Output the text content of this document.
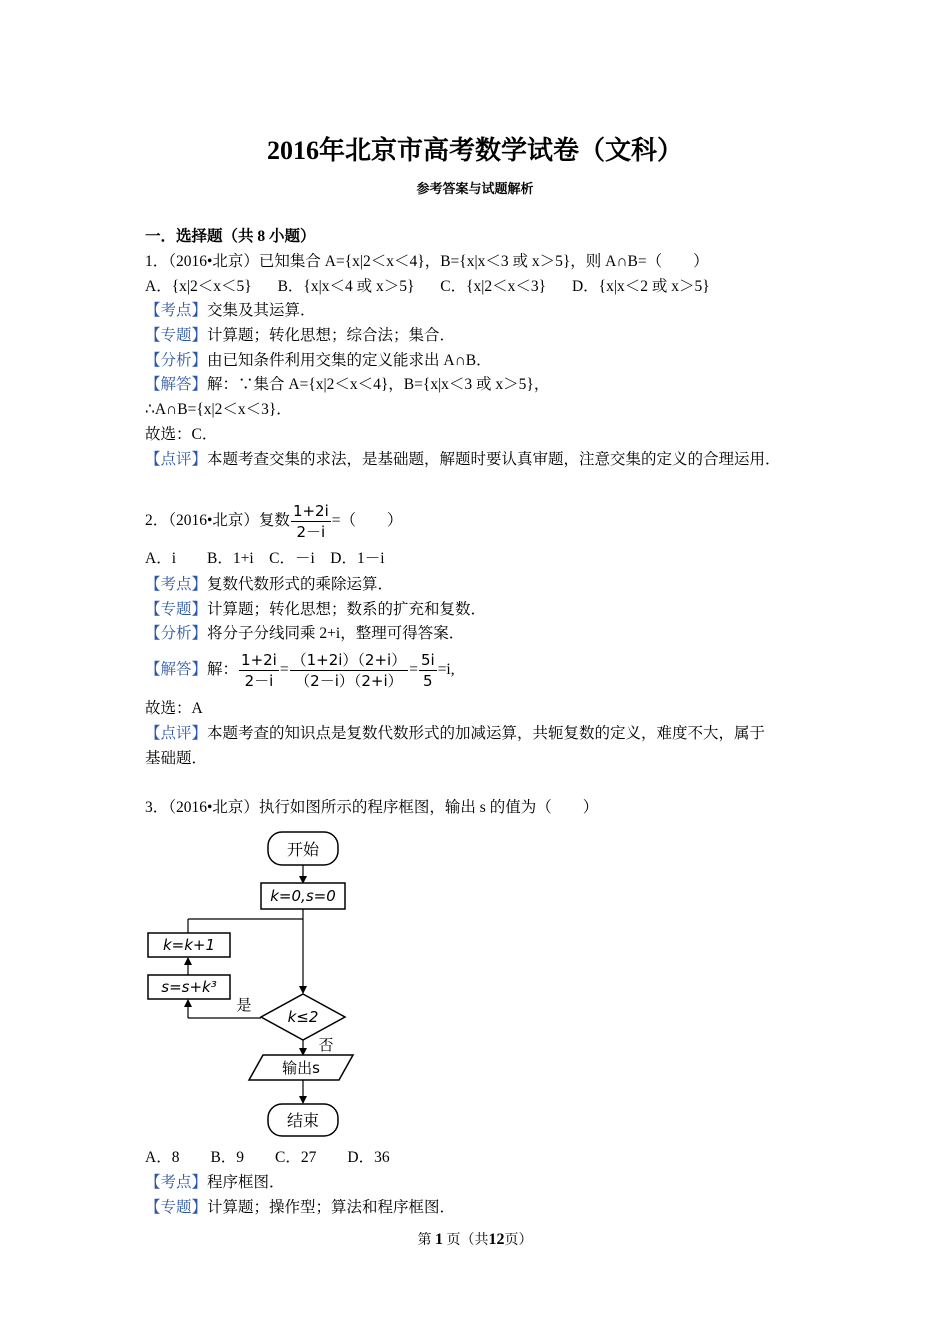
2016年北京市高考数学试卷（文科）
参考答案与试题解析
一．选择题（共 8 小题）
1．（2016•北京）已知集合 A={x|2＜x＜4}，B={x|x＜3 或 x＞5}，则 A∩B=（　　）
A．{x|2＜x＜5} B．{x|x＜4 或 x＞5} C．{x|2＜x＜3} D．{x|x＜2 或 x＞5}
【考点】交集及其运算．
【专题】计算题；转化思想；综合法；集合．
【分析】由已知条件利用交集的定义能求出 A∩B．
【解答】解：∵集合 A={x|2＜x＜4}，B={x|x＜3 或 x＞5}，
∴A∩B={x|2＜x＜3}．
故选：C．
【点评】本题考查交集的求法，是基础题，解题时要认真审题，注意交集的定义的合理运用．
2．（2016•北京）复数 $\frac{1+2i}{2-i}$ =（　　）
A．i　　B．1+i　C．－i　D．1－i
【考点】复数代数形式的乘除运算．
【专题】计算题；转化思想；数系的扩充和复数．
【分析】将分子分线同乘 2+i，整理可得答案．
【解答】解： $\frac{1+2i}{2-i} = \frac{(1+2i)(2+i)}{(2-i)(2+i)} = \frac{5i}{5} =i$,
故选：A
【点评】本题考查的知识点是复数代数形式的加减运算，共轭复数的定义，难度不大，属于
基础题．
3．（2016•北京）执行如图所示的程序框图，输出 s 的值为（　　）
开始
k=0,s=0
k=k+1
s=s+k³
是
k≤2
否
输出s
结束
A．8　　B．9　　C．27　　D．36
【考点】程序框图．
【专题】计算题；操作型；算法和程序框图．
第 1 页（共12页）
